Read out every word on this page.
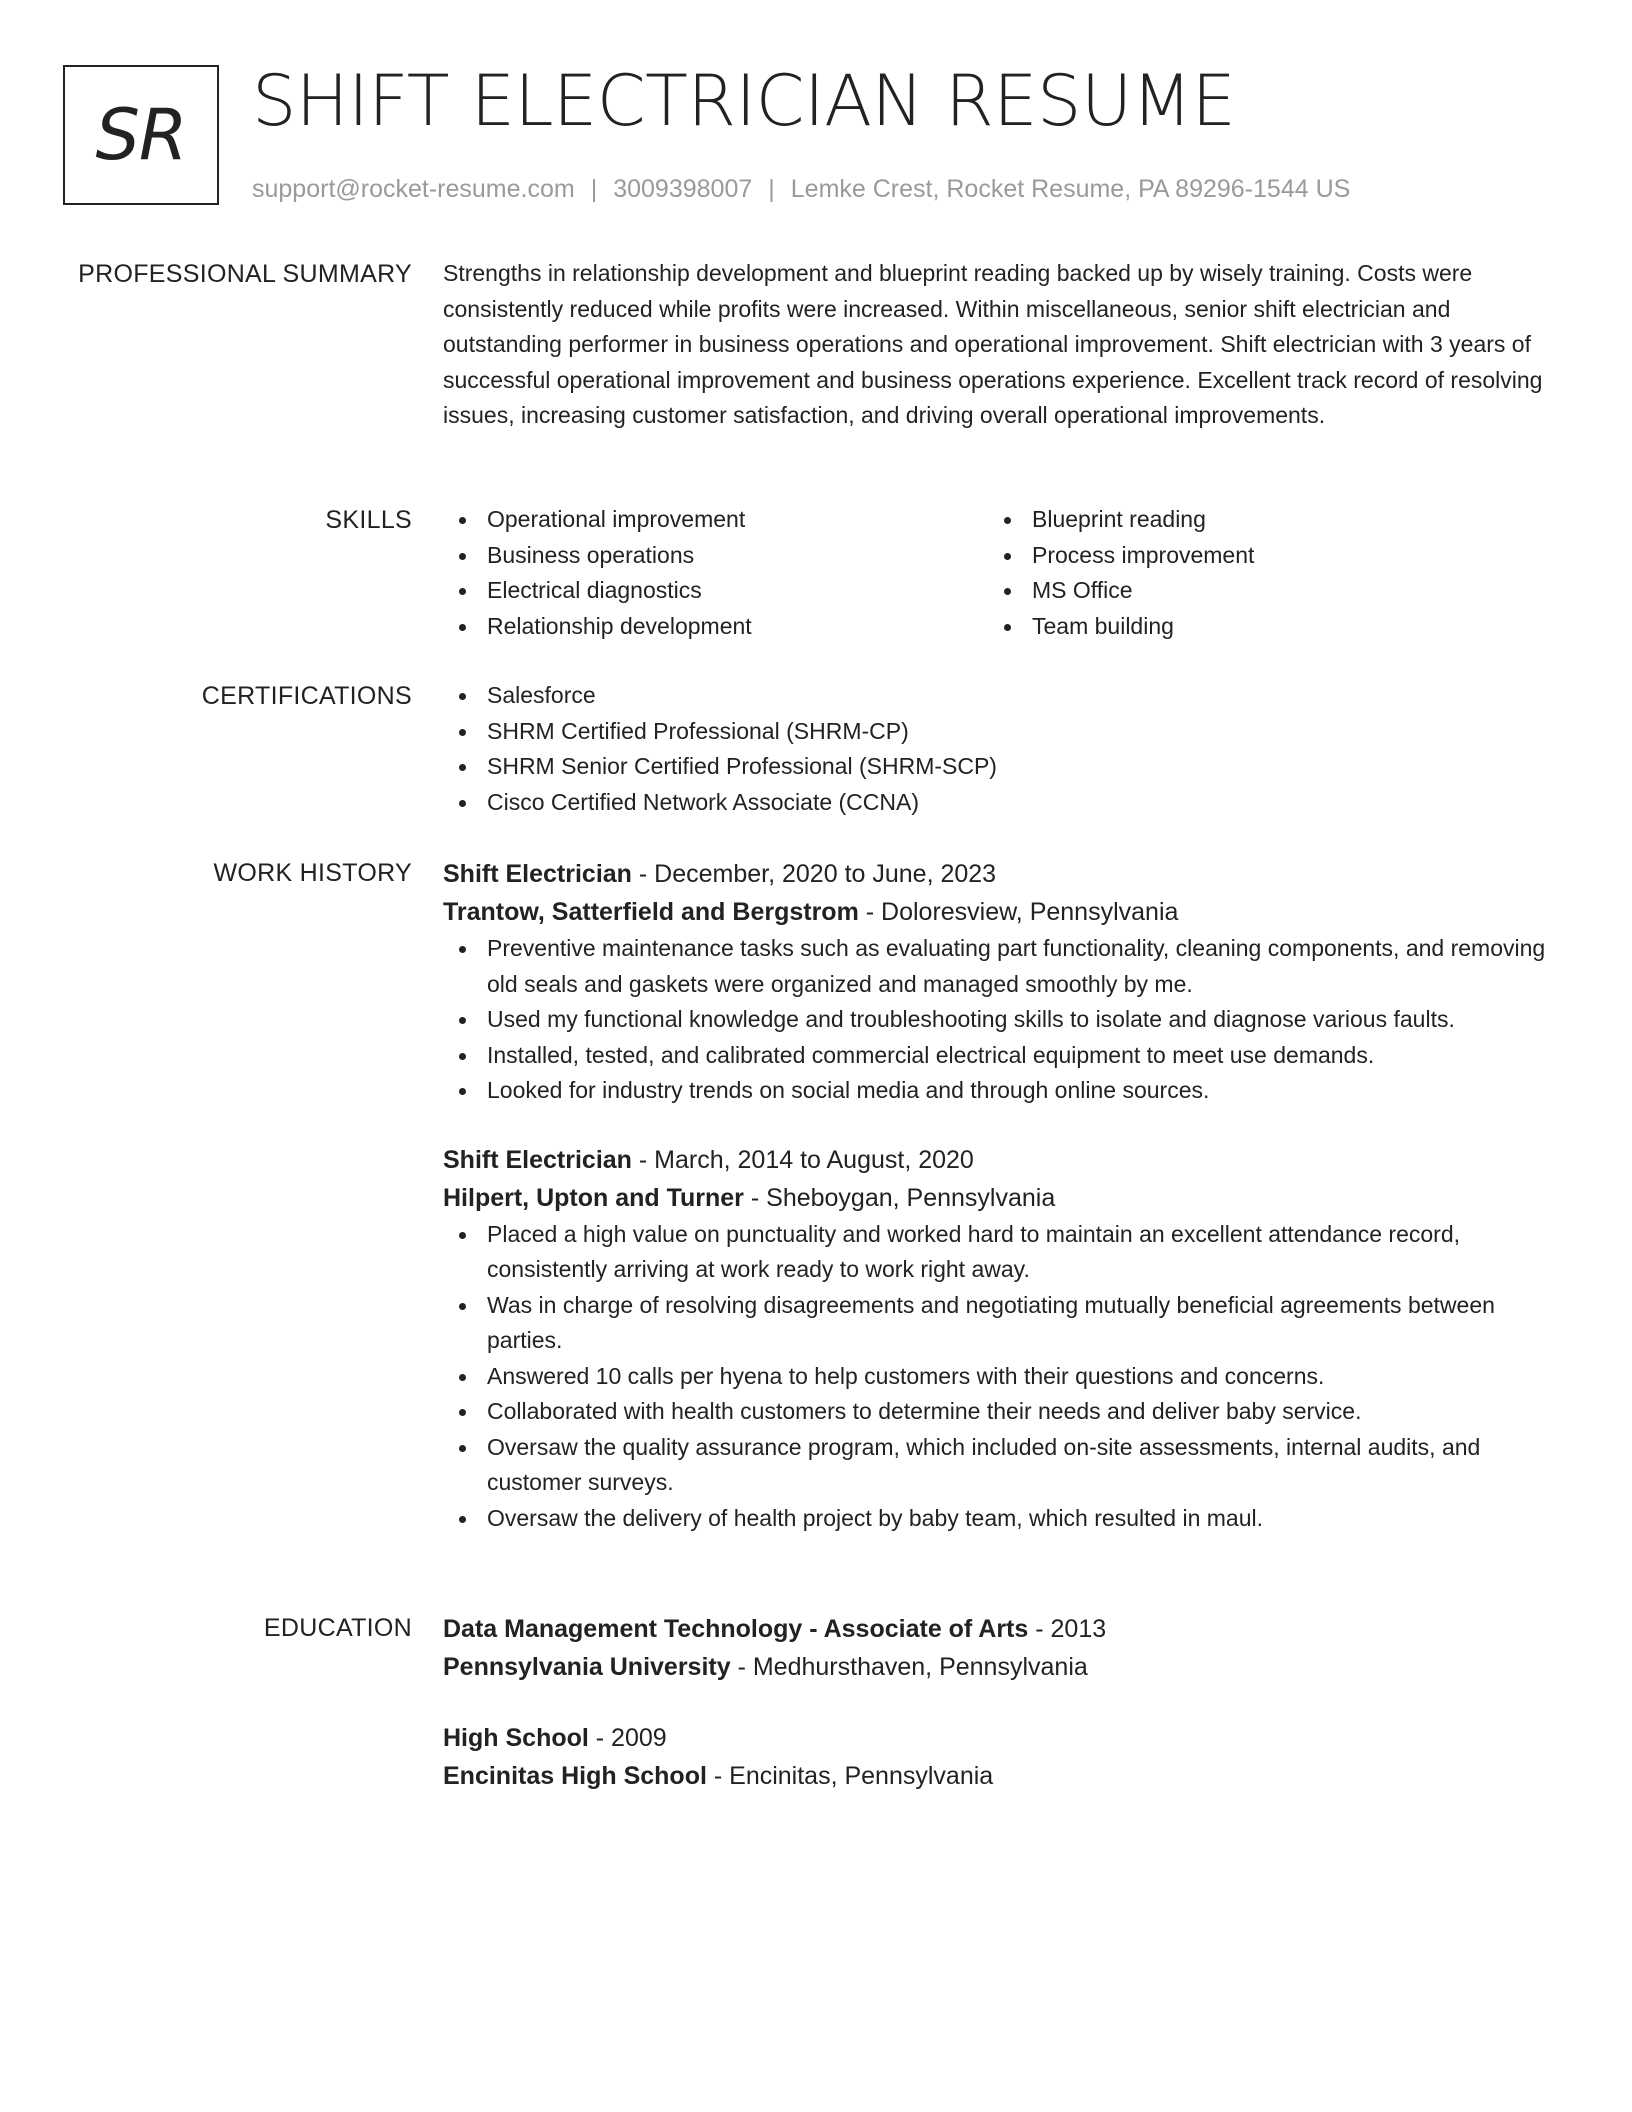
SR SHIFT ELECTRICIAN RESUME
support@rocket-resume.com | 3009398007 | Lemke Crest, Rocket Resume, PA 89296-1544 US
PROFESSIONAL SUMMARY Strengths in relationship development and blueprint reading backed up by wisely training. Costs were consistently reduced while profits were increased. Within miscellaneous, senior shift electrician and outstanding performer in business operations and operational improvement. Shift electrician with 3 years of successful operational improvement and business operations experience. Excellent track record of resolving issues, increasing customer satisfaction, and driving overall operational improvements.

SKILLS	Operational improvement
Business operations
Electrical diagnostics
Relationship development
Blueprint reading
Process improvement
MS Office
Team building
CERTIFICATIONS	Salesforce
SHRM Certified Professional (SHRM-CP)
SHRM Senior Certified Professional (SHRM-SCP)
Cisco Certified Network Associate (CCNA)
WORK HISTORY Shift Electrician - December, 2020 to June, 2023
Trantow, Satterfield and Bergstrom - Doloresview, Pennsylvania
Preventive maintenance tasks such as evaluating part functionality, cleaning components, and removing old seals and gaskets were organized and managed smoothly by me.
Used my functional knowledge and troubleshooting skills to isolate and diagnose various faults.
Installed, tested, and calibrated commercial electrical equipment to meet use demands.
Looked for industry trends on social media and through online sources.
Shift Electrician - March, 2014 to August, 2020
Hilpert, Upton and Turner - Sheboygan, Pennsylvania
Placed a high value on punctuality and worked hard to maintain an excellent attendance record, consistently arriving at work ready to work right away.
Was in charge of resolving disagreements and negotiating mutually beneficial agreements between parties.
Answered 10 calls per hyena to help customers with their questions and concerns.
Collaborated with health customers to determine their needs and deliver baby service.
Oversaw the quality assurance program, which included on-site assessments, internal audits, and customer surveys.
Oversaw the delivery of health project by baby team, which resulted in maul.
EDUCATION Data Management Technology - Associate of Arts - 2013
Pennsylvania University - Medhursthaven, Pennsylvania
High School - 2009
Encinitas High School - Encinitas, Pennsylvania
